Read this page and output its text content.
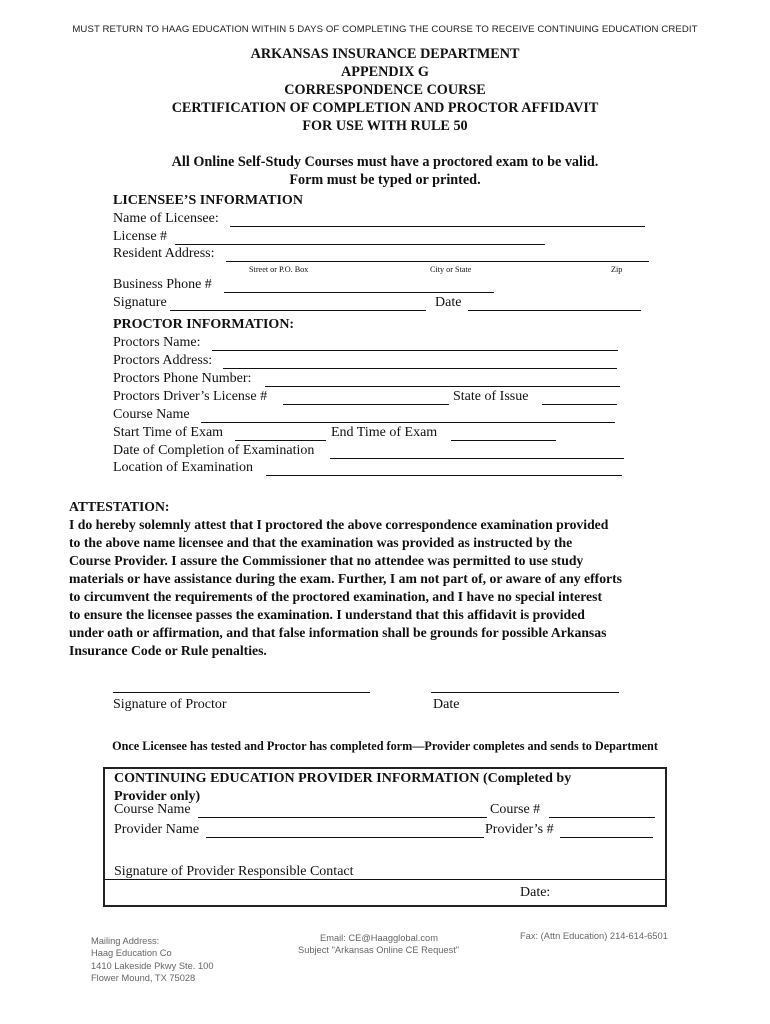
MUST RETURN TO HAAG EDUCATION WITHIN 5 DAYS OF COMPLETING THE COURSE TO RECEIVE CONTINUING EDUCATION CREDIT
ARKANSAS INSURANCE DEPARTMENT
APPENDIX G
CORRESPONDENCE COURSE
CERTIFICATION OF COMPLETION AND PROCTOR AFFIDAVIT
FOR USE WITH RULE 50
All Online Self-Study Courses must have a proctored exam to be valid.
Form must be typed or printed.
LICENSEE’S INFORMATION
Name of Licensee:
License #
Resident Address:
Street or P.O. Box	City or State	Zip
Business Phone #
Signature	Date
PROCTOR INFORMATION:
Proctors Name:
Proctors Address:
Proctors Phone Number:
Proctors Driver’s License #	State of Issue
Course Name
Start Time of Exam	End Time of Exam
Date of Completion of Examination
Location of Examination
ATTESTATION:
I do hereby solemnly attest that I proctored the above correspondence examination provided
to the above name licensee and that the examination was provided as instructed by the
Course Provider. I assure the Commissioner that no attendee was permitted to use study
materials or have assistance during the exam. Further, I am not part of, or aware of any efforts
to circumvent the requirements of the proctored examination, and I have no special interest
to ensure the licensee passes the examination. I understand that this affidavit is provided
under oath or affirmation, and that false information shall be grounds for possible Arkansas
Insurance Code or Rule penalties.
Signature of Proctor	Date
Once Licensee has tested and Proctor has completed form—Provider completes and sends to Department
CONTINUING EDUCATION PROVIDER INFORMATION (Completed by
Provider only)
Course Name	Course #
Provider Name	Provider’s #
Signature of Provider Responsible Contact
Date:
Mailing Address:
Haag Education Co
1410 Lakeside Pkwy Ste. 100
Flower Mound, TX 75028
Email: CE@Haagglobal.com
Subject "Arkansas Online CE Request"
Fax: (Attn Education) 214-614-6501
